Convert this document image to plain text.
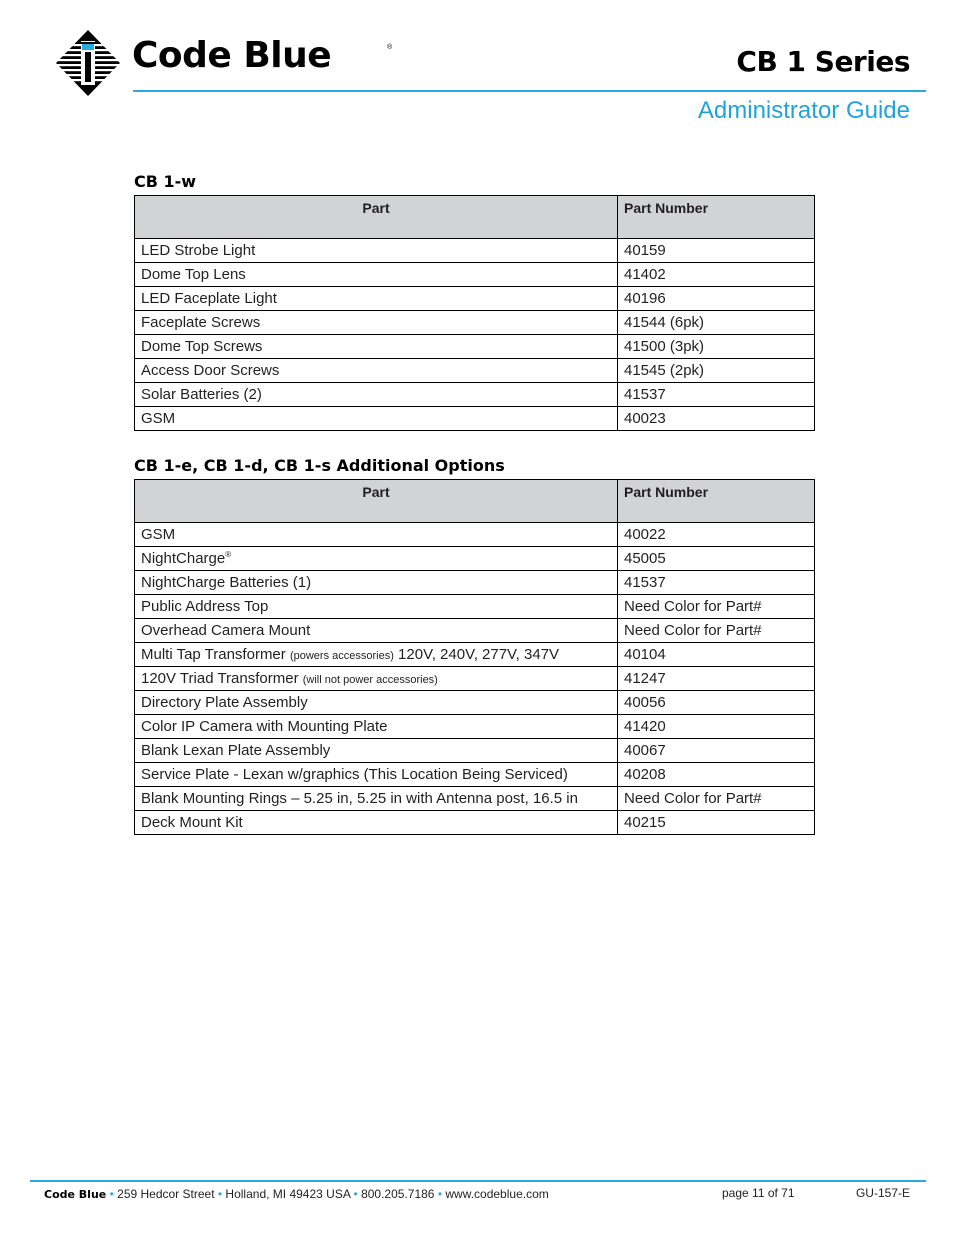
Code Blue	®	CB 1 Series
Administrator Guide
CB 1-w
Part	Part Number
LED Strobe Light	40159
Dome Top Lens	41402
LED Faceplate Light	40196
Faceplate Screws	41544 (6pk)
Dome Top Screws	41500 (3pk)
Access Door Screws	41545 (2pk)
Solar Batteries (2)	41537
GSM	40023
CB 1-e, CB 1-d, CB 1-s Additional Options
Part	Part Number
GSM	40022
NightCharge®	45005
NightCharge Batteries (1)	41537
Public Address Top	Need Color for Part#
Overhead Camera Mount	Need Color for Part#
Multi Tap Transformer (powers accessories) 120V, 240V, 277V, 347V	40104
120V Triad Transformer (will not power accessories)	41247
Directory Plate Assembly	40056
Color IP Camera with Mounting Plate	41420
Blank Lexan Plate Assembly	40067
Service Plate - Lexan w/graphics (This Location Being Serviced)	40208
Blank Mounting Rings – 5.25 in, 5.25 in with Antenna post, 16.5 in	Need Color for Part#
Deck Mount Kit	40215
Code Blue • 259 Hedcor Street • Holland, MI 49423 USA • 800.205.7186 • www.codeblue.com	page 11 of 71	GU-157-E
